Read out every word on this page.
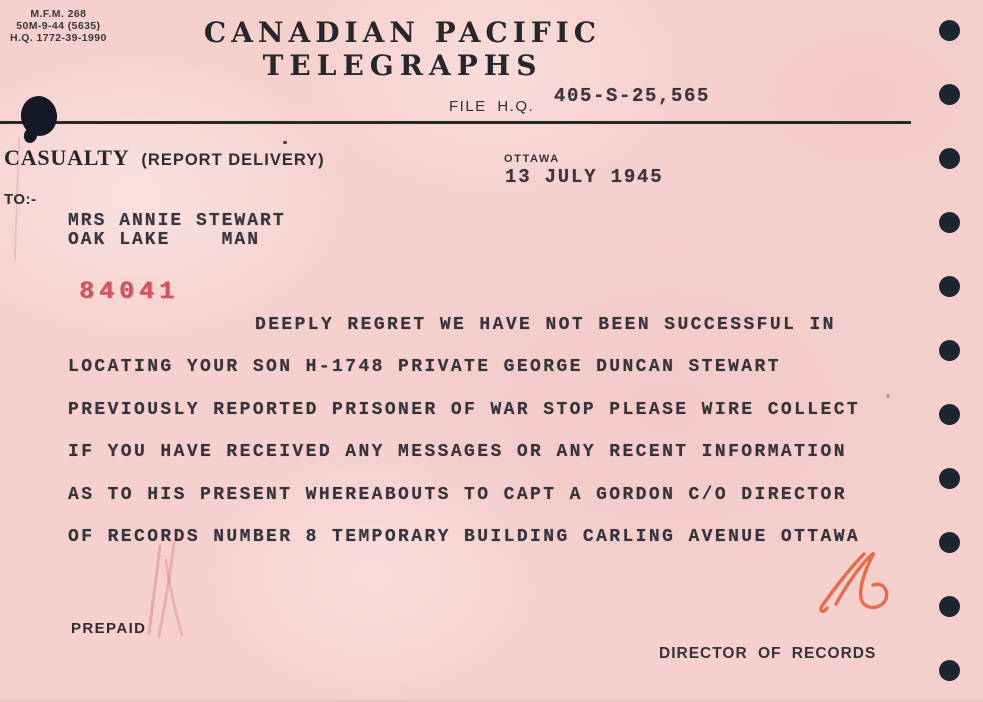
M.F.M. 268
50M-9-44 (5635)
H.Q. 1772-39-1990	CANADIAN PACIFIC
TELEGRAPHS
FILE H.Q. 405-S-25,565
CASUALTY (REPORT DELIVERY)
TO:-
OTTAWA
13 JULY 1945
MRS ANNIE STEWART
OAK LAKE    MAN
84041
DEEPLY REGRET WE HAVE NOT BEEN SUCCESSFUL IN
LOCATING YOUR SON H-1748 PRIVATE GEORGE DUNCAN STEWART
PREVIOUSLY REPORTED PRISONER OF WAR STOP PLEASE WIRE COLLECT
IF YOU HAVE RECEIVED ANY MESSAGES OR ANY RECENT INFORMATION
AS TO HIS PRESENT WHEREABOUTS TO CAPT A GORDON C/O DIRECTOR
OF RECORDS NUMBER 8 TEMPORARY BUILDING CARLING AVENUE OTTAWA
PREPAID
DIRECTOR OF RECORDS
